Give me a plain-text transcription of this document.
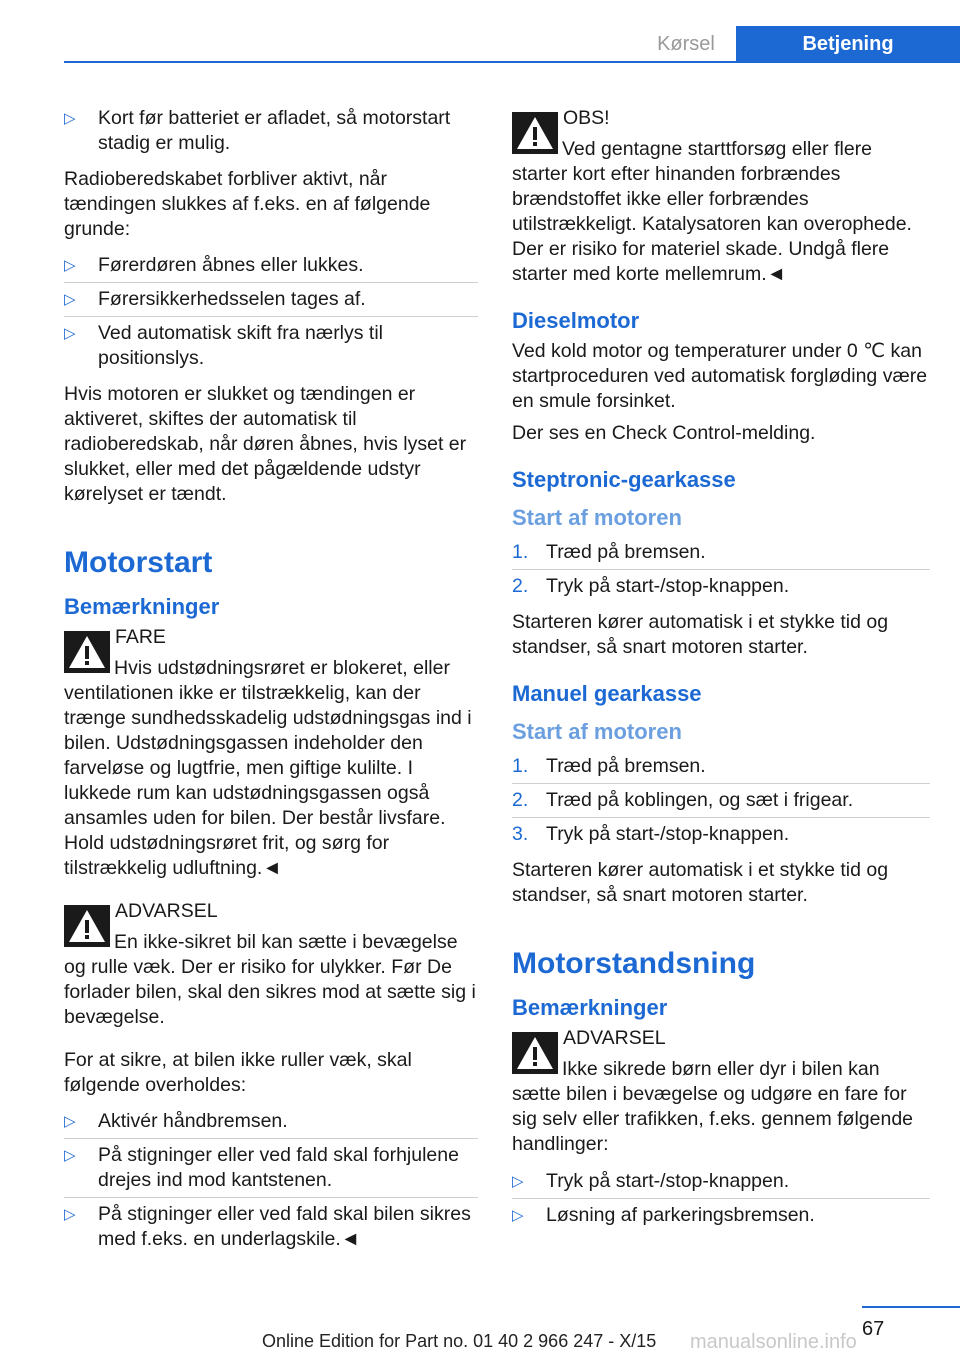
Kørsel	Betjening
▷	Kort før batteriet er afladet, så motorstart stadig er mulig.

Radioberedskabet forbliver aktivt, når tændingen slukkes af f.eks. en af følgende grunde:

▷	Førerdøren åbnes eller lukkes.
▷	Førersikkerhedsselen tages af.
▷	Ved automatisk skift fra nærlys til positionslys.

Hvis motoren er slukket og tændingen er aktiveret, skiftes der automatisk til radioberedskab, når døren åbnes, hvis lyset er slukket, eller med det pågældende udstyr kørelyset er tændt.

Motorstart
Bemærkninger
FARE
Hvis udstødningsrøret er blokeret, eller ventilationen ikke er tilstrækkelig, kan der trænge sundhedsskadelig udstødningsgas ind i bilen. Udstødningsgassen indeholder den farveløse og lugtfrie, men giftige kulilte. I lukkede rum kan udstødningsgassen også ansamles uden for bilen. Der består livsfare. Hold udstødningsrøret frit, og sørg for tilstrækkelig udluftning.◄
ADVARSEL
En ikke-sikret bil kan sætte i bevægelse og rulle væk. Der er risiko for ulykker. Før De forlader bilen, skal den sikres mod at sætte sig i bevægelse.

For at sikre, at bilen ikke ruller væk, skal følgende overholdes:

▷	Aktivér håndbremsen.
▷	På stigninger eller ved fald skal forhjulene drejes ind mod kantstenen.
▷	På stigninger eller ved fald skal bilen sikres med f.eks. en underlagskile.◄
OBS!
Ved gentagne starttforsøg eller flere starter kort efter hinanden forbrændes brændstoffet ikke eller forbrændes utilstrækkeligt. Katalysatoren kan overophede. Der er risiko for materiel skade. Undgå flere starter med korte mellemrum.◄
Dieselmotor

Ved kold motor og temperaturer under 0 ℃ kan startproceduren ved automatisk forgløding være en smule forsinket.

Der ses en Check Control-melding.

Steptronic-gearkasse
Start af motoren
1. Træd på bremsen.
2. Tryk på start-/stop-knappen.

Starteren kører automatisk i et stykke tid og standser, så snart motoren starter.

Manuel gearkasse
Start af motoren
1. Træd på bremsen.
2. Træd på koblingen, og sæt i frigear.
3. Tryk på start-/stop-knappen.

Starteren kører automatisk i et stykke tid og standser, så snart motoren starter.

Motorstandsning
Bemærkninger
ADVARSEL
Ikke sikrede børn eller dyr i bilen kan sætte bilen i bevægelse og udgøre en fare for sig selv eller trafikken, f.eks. gennem følgende handlinger:
▷	Tryk på start-/stop-knappen.
▷	Løsning af parkeringsbremsen.
67
Online Edition for Part no. 01 40 2 966 247 - X/15 manualsonline.info
